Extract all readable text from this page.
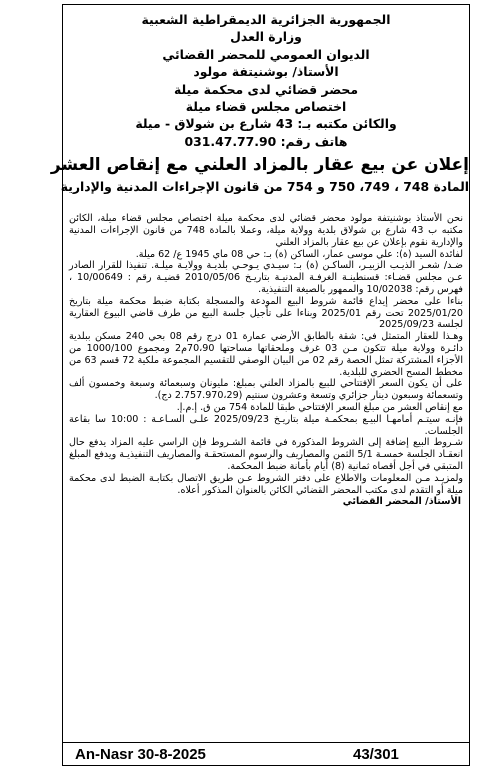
الجمهورية الجزائرية الديمقراطية الشعبية
وزارة العدل
الديوان العمومي للمحضر القضائي
الأستاذ/ بوشنيتفة مولود
محضر قضائي لدى محكمة ميلة
اختصاص مجلس قضاء ميلة
والكائن مكتبه بـ: 43 شارع بن شولاق - ميلة
هاتف رقم: 031.47.77.90
إعلان عن بيع عقار بالمزاد العلني مع إنقاص العشر
المادة 748 ، 749، 750 و 754 من قانون الإجراءات المدنية والإدارية

نحن الأستاذ بوشنيتفة مولود محضر قضائي لدى محكمة ميلة اختصاص مجلس قضاء ميلة، الكائن مكتبه ب 43 شارع بن شولاق بلدية وولاية ميلة، وعملا بالمادة 748 من قانون الإجراءات المدنية والإدارية نقوم بإعلان عن بيع عقار بالمزاد العلني

لفائدة السيد (ة): علي موسى عمار، الساكن (ة) بـ: حي 08 ماي 1945 ع/ 62 ميلة.

ضـد/ شعـر الذيـب الزبيـر، الساكـن (ة) بـ: سيـدي يـوحـي بلديـة وولايـة ميلـة. تنفيذا للقرار الصادر عـن مجلس قضـاء: قسنطينـة الغرفـة المدنيـة بتاريـخ 2010/05/06 قضيـة رقم : 10/00649 ، فهرس رقم: 10/02038 والممهور بالصيغة التنفيذية.

بناءا على محضر إيداع قائمة شروط البيع المودعة والمسجلة بكتابة ضبط محكمة ميلة بتاريخ 2025/01/20 تحت رقم 2025/01 وبناءا على تأجيل جلسة البيع من طرف قاضي البيوع العقارية لجلسة 2025/09/23

وهـذا للعقار المتمثل في: شقة بالطابق الأرضي عمارة 01 درج رقم 08 بحي 240 مسكن ببلدية دائـرة وولاية ميلة تتكون مـن 03 غرف وملحقاتها مساحتها 70،90م2 ومجموع 1000/100 من الأجزاء المشتركة تمثل الحصة رقم 02 من البيان الوصفي للتقسيم المجموعة ملكية 72 قسم 63 من مخطط المسح الحضري للبلدية.

على أن يكون السعر الإفتتاحي للبيع بالمزاد العلني بمبلغ: مليونان وسبعمائة وسبعة وخمسون ألف وتسعمائة وسبعون دينار جزائري وتسعة وعشرون سنتيم (2.757.970،29 دج).

مع إنقاص العشر من مبلغ السعر الإفتتاحي طبقا للمادة 754 من ق. إ.م.إ.

فإنـه سيتـم أمامهـا البيـع بمحكمـة ميلة بتاريـخ 2025/09/23 علـى السـاعـة : 10:00 سا بقاعة الجلسات.

شـروط البيع إضافة إلى الشروط المذكورة في قائمة الشـروط فإن الراسي عليه المزاد يدفع حال انعقـاد الجلسة خمسـة 5/1 الثمن والمصاريف والرسوم المستحقـة والمصاريف التنفيذيـة ويدفع المبلغ المتبقي في أجل أقصاه ثمانية (8) أيام بأمانة ضبط المحكمة.

ولمزيـد مـن المعلومات والاطلاع على دفتر الشروط عـن طريق الاتصال بكتابـة الضبط لدى محكمة ميلة أو التقدم لدى مكتب المحضر القضائي الكائن بالعنوان المذكور أعلاه.

الأستاذ/ المحضر القضائي
An-Nasr 30-8-2025	43/301
